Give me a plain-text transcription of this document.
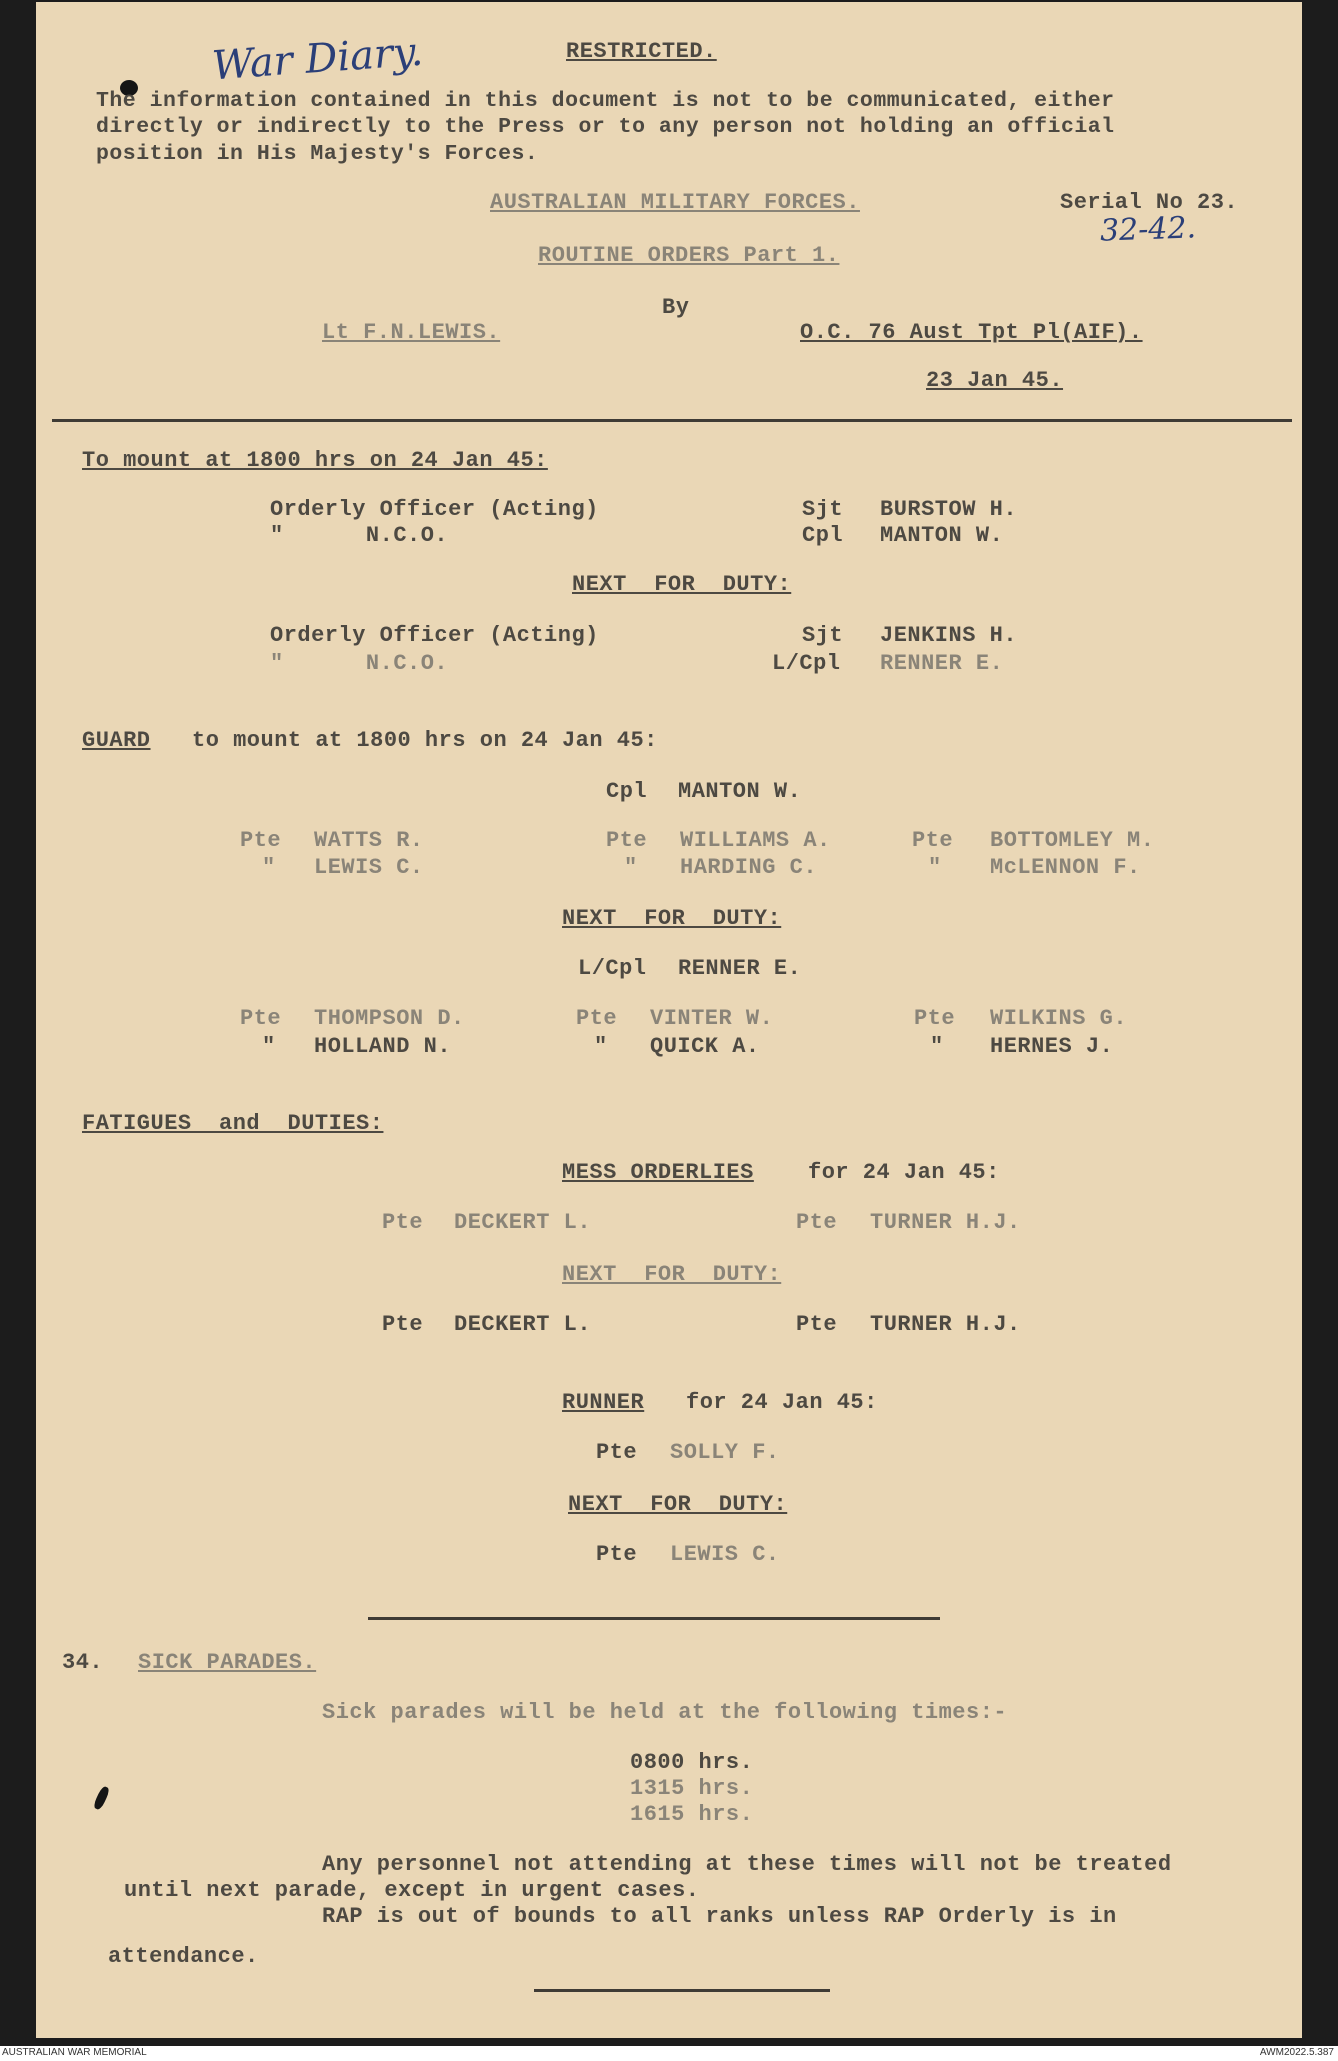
War Diary.
32-42.
RESTRICTED.
The information contained in this document is not to be communicated, either
directly or indirectly to the Press or to any person not holding an official
position in His Majesty's Forces.
AUSTRALIAN MILITARY FORCES.	Serial No 23.
ROUTINE ORDERS Part 1.
By
Lt F.N.LEWIS.	O.C. 76 Aust Tpt Pl(AIF).
23 Jan 45.
To mount at 1800 hrs on 24 Jan 45:
Orderly Officer (Acting)	Sjt BURSTOW H.
"      N.C.O.	Cpl MANTON W.
NEXT  FOR  DUTY:
Orderly Officer (Acting)	Sjt JENKINS H.
"      N.C.O.	L/Cpl RENNER E.
GUARD to mount at 1800 hrs on 24 Jan 45:
Cpl MANTON W.
Pte WATTS R.	Pte WILLIAMS A.	Pte BOTTOMLEY M.
" LEWIS C.	" HARDING C.	" McLENNON F.
NEXT  FOR  DUTY:
L/Cpl RENNER E.
Pte THOMPSON D.	Pte VINTER W.	Pte WILKINS G.
" HOLLAND N.	" QUICK A.	" HERNES J.
FATIGUES  and  DUTIES:
MESS ORDERLIES for 24 Jan 45:
Pte DECKERT L.	Pte TURNER H.J.
NEXT  FOR  DUTY:
Pte DECKERT L.	Pte TURNER H.J.
RUNNER for 24 Jan 45:
Pte SOLLY F.
NEXT  FOR  DUTY:
Pte LEWIS C.
34. SICK PARADES.
Sick parades will be held at the following times:-
0800 hrs.
1315 hrs.
1615 hrs.
Any personnel not attending at these times will not be treated
until next parade, except in urgent cases.
RAP is out of bounds to all ranks unless RAP Orderly is in
attendance.
AUSTRALIAN WAR MEMORIAL	AWM2022.5.387
